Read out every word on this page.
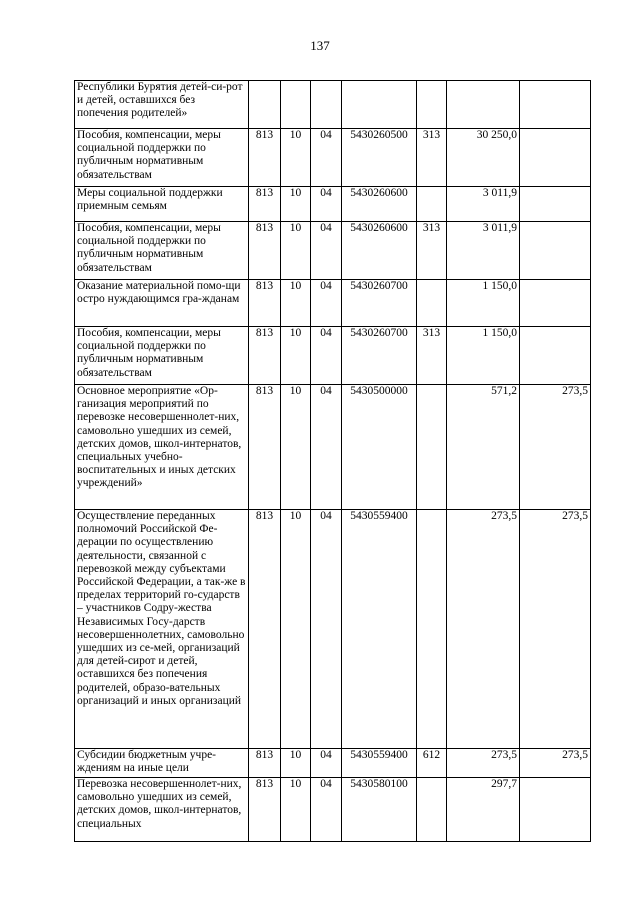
137
Республики Бурятия детей-си-рот и детей, оставшихся без попечения родителей»							
Пособия, компенсации, меры социальной поддержки по публичным нормативным обязательствам	813	10	04	5430260500	313	30 250,0	
Меры социальной поддержки приемным семьям	813	10	04	5430260600		3 011,9	
Пособия, компенсации, меры социальной поддержки по публичным нормативным обязательствам	813	10	04	5430260600	313	3 011,9	
Оказание материальной помо-щи остро нуждающимся гра-жданам	813	10	04	5430260700		1 150,0	
Пособия, компенсации, меры социальной поддержки по публичным нормативным обязательствам	813	10	04	5430260700	313	1 150,0	
Основное мероприятие «Ор-ганизация мероприятий по перевозке несовершеннолет-них, самовольно ушедших из семей, детских домов, школ-интернатов, специальных учебно-воспитательных и иных детских учреждений»	813	10	04	5430500000		571,2	273,5
Осуществление переданных полномочий Российской Фе-дерации по осуществлению деятельности, связанной с перевозкой между субъектами Российской Федерации, а так-же в пределах территорий го-сударств – участников Содру-жества Независимых Госу-дарств несовершеннолетних, самовольно ушедших из се-мей, организаций для детей-сирот и детей, оставшихся без попечения родителей, образо-вательных организаций и иных организаций	813	10	04	5430559400		273,5	273,5
Субсидии бюджетным учре-ждениям на иные цели	813	10	04	5430559400	612	273,5	273,5
Перевозка несовершеннолет-них, самовольно ушедших из семей, детских домов, школ-интернатов, специальных	813	10	04	5430580100		297,7	
